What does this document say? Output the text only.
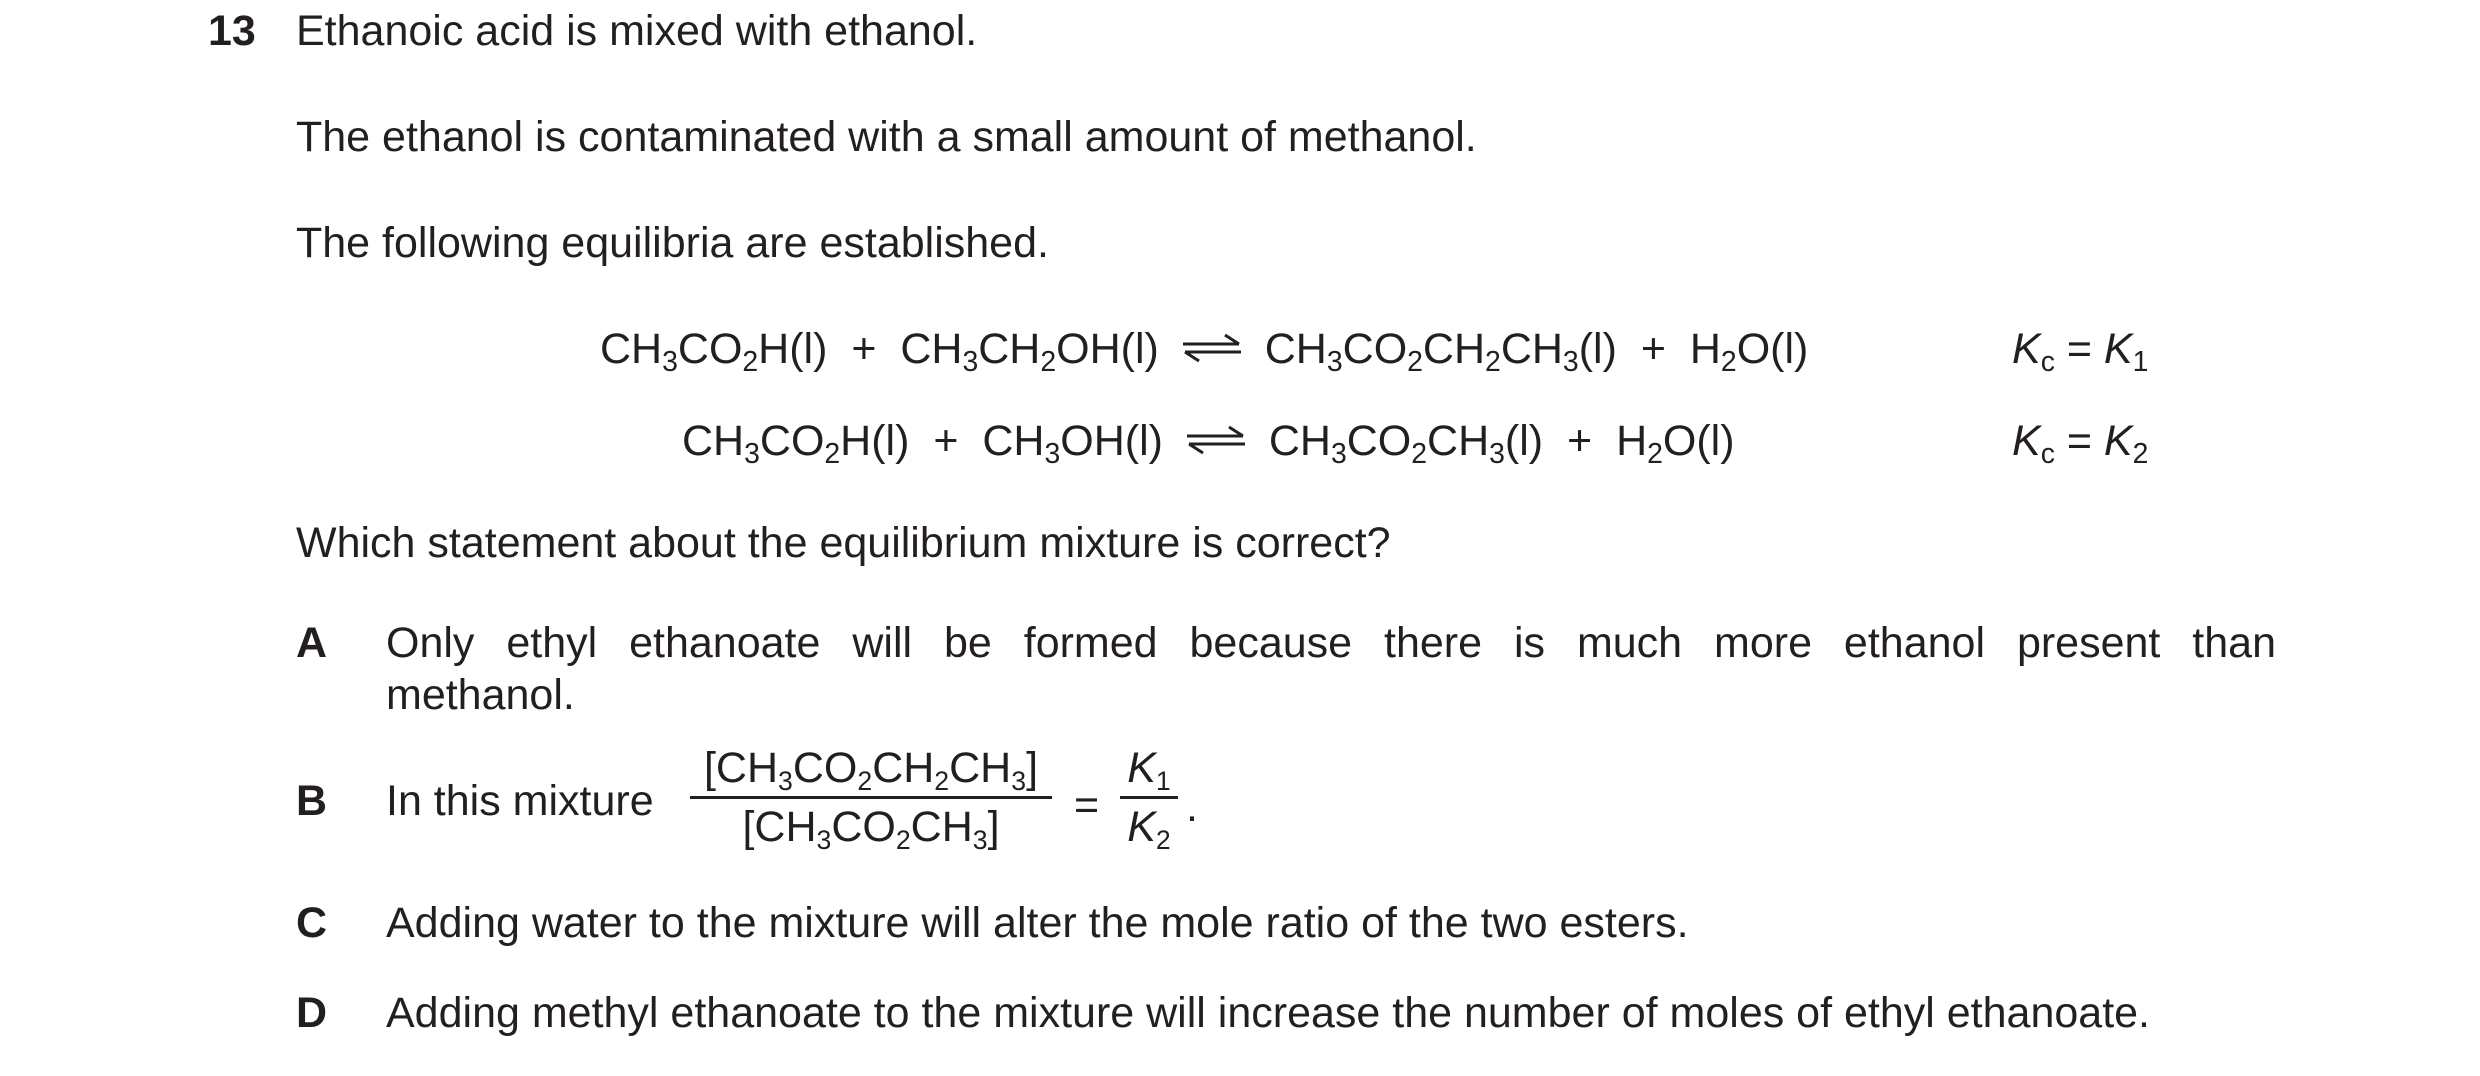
13 Ethanoic acid is mixed with ethanol.
The ethanol is contaminated with a small amount of methanol.
The following equilibria are established.
$CH_3CO_2H(l) + CH_3CH_2OH(l)$ ⇌ $CH_3CO_2CH_2CH_3(l) + H_2O(l)$	$K_c = K_1$
$CH_3CO_2H(l) + CH_3OH(l)$ ⇌ $CH_3CO_2CH_3(l) + H_2O(l)$	$K_c = K_2$
Which statement about the equilibrium mixture is correct?
A Only ethyl ethanoate will be formed because there is much more ethanol present than
methanol.
B In this mixture
[CH3CO2CH2CH3]
[CH3CO2CH3]	=
K1
K2
.
C Adding water to the mixture will alter the mole ratio of the two esters.
D Adding methyl ethanoate to the mixture will increase the number of moles of ethyl ethanoate.
